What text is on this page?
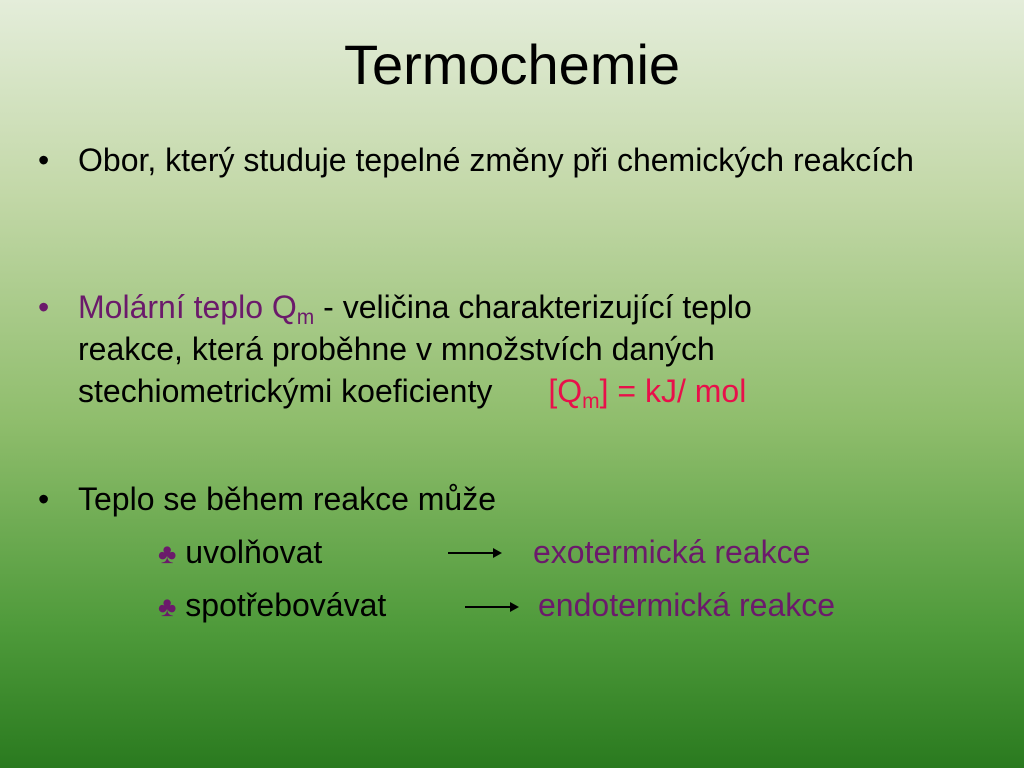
Termochemie
• Obor, který studuje tepelné změny při chemických reakcích
• Molární teplo $Q_m$ - veličina charakterizující teplo
reakce, která proběhne v množstvích daných
stechiometrickými koeficienty $[Q_m] = kJ/$ mol
• Teplo se během reakce může
♣ uvolňovat	exotermická reakce
♣ spotřebovávat	endotermická reakce
